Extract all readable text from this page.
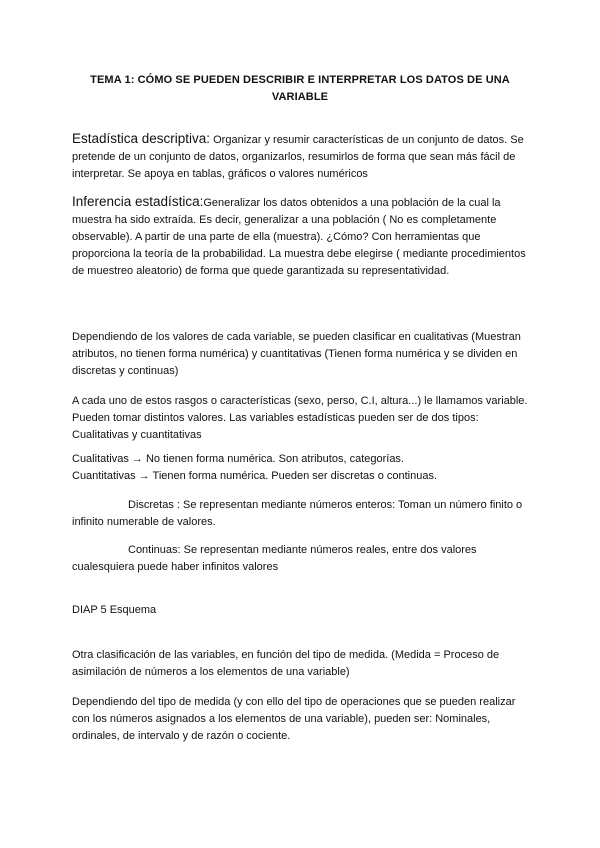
TEMA 1: CÓMO SE PUEDEN DESCRIBIR E INTERPRETAR LOS DATOS DE UNA
VARIABLE
Estadística descriptiva: Organizar y resumir características de un conjunto de datos. Se pretende de un conjunto de datos, organizarlos, resumirlos de forma que sean más fácil de interpretar. Se apoya en tablas, gráficos o valores numéricos
Inferencia estadística:Generalizar los datos obtenidos a una población de la cual la muestra ha sido extraída. Es decir, generalizar a una población ( No es completamente observable). A partir de una parte de ella (muestra). ¿Cómo? Con herramientas que proporciona la teoría de la probabilidad. La muestra debe elegirse ( mediante procedimientos de muestreo aleatorio) de forma que quede garantizada su representatividad.
Dependiendo de los valores de cada variable, se pueden clasificar en cualitativas (Muestran atributos, no tienen forma numérica) y cuantitativas (Tienen forma numérica y se dividen en discretas y continuas)
A cada uno de estos rasgos o características (sexo, perso, C.I, altura...) le llamamos variable. Pueden tomar distintos valores. Las variables estadísticas pueden ser de dos tipos: Cualitativas y cuantitativas
Cualitativas → No tienen forma numérica. Son atributos, categorías.
Cuantitativas → Tienen forma numérica. Pueden ser discretas o continuas.
Discretas : Se representan mediante números enteros: Toman un número finito o infinito numerable de valores.
Continuas: Se representan mediante números reales, entre dos valores cualesquiera puede haber infinitos valores
DIAP 5 Esquema
Otra clasificación de las variables, en función del tipo de medida. (Medida = Proceso de asimilación de números a los elementos de una variable)
Dependiendo del tipo de medida (y con ello del tipo de operaciones que se pueden realizar con los números asignados a los elementos de una variable), pueden ser: Nominales, ordinales, de intervalo y de razón o cociente.
